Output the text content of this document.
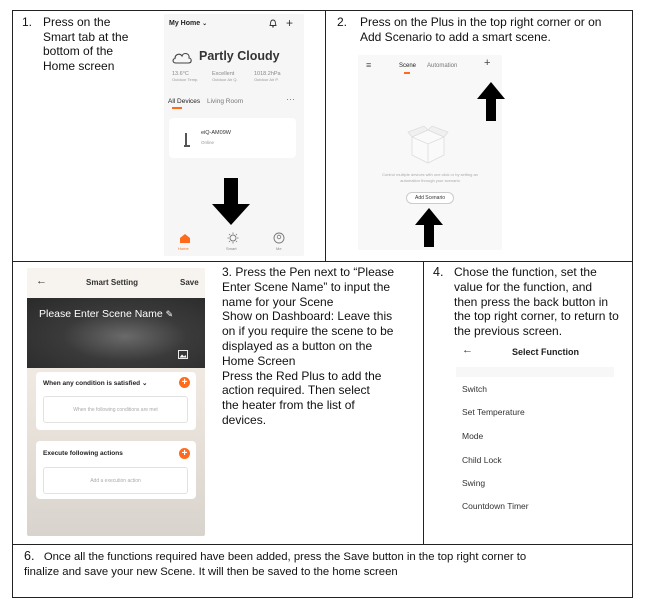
1. Press on the
Smart tab at the
bottom of the
Home screen
My Home ⌄	+
Partly Cloudy
13.6°C
Outdoor Temp.
Excellent
Outdoor Air Q.
1018.2hPa
Outdoor Air P.
All Devices Living Room	···
eiQ-AM09W
Online
Home	Smart	Me
2. Press on the Plus in the top right corner or on
Add Scenario to add a smart scene.
≡	Scene Automation +
Control multiple devices with one click or by setting an
automation through your scenario
Add Scenario
←	Smart Setting	Save
Please Enter Scene Name ✎
When any condition is satisfied ⌄	+
When the following conditions are met
Execute following actions	+
Add a execution action
3. Press the Pen next to “Please
Enter Scene Name” to input the
name for your Scene
Show on Dashboard: Leave this
on if you require the scene to be
displayed as a button on the
Home Screen
Press the Red Plus to add the
action required. Then select
the heater from the list of
devices.
4. Chose the function, set the
value for the function, and
then press the back button in
the top right corner, to return to
the previous screen.
←	Select Function
Switch
Set Temperature
Mode
Child Lock
Swing
Countdown Timer
6. Once all the functions required have been added, press the Save button in the top right corner to
finalize and save your new Scene. It will then be saved to the home screen
